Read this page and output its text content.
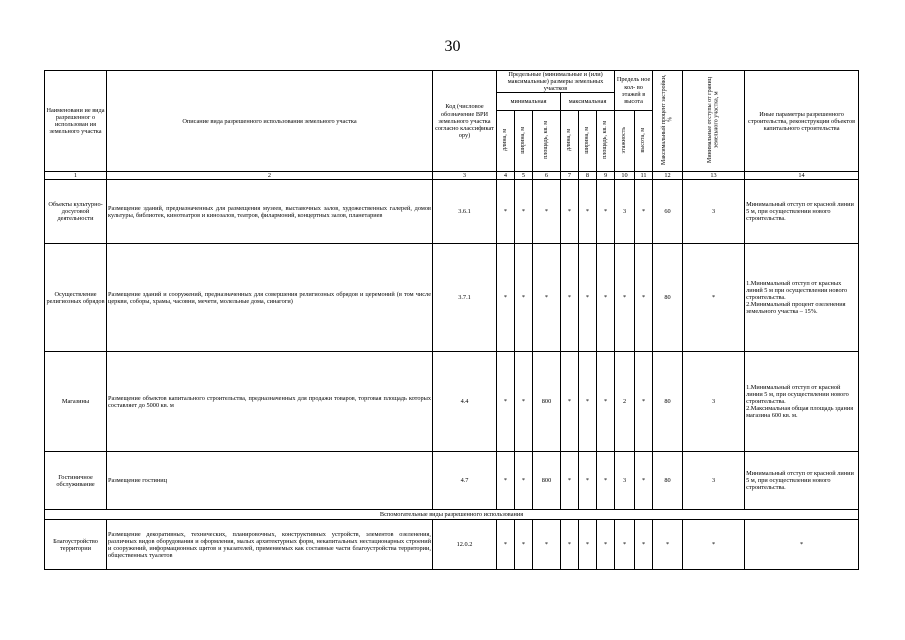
30
Наименовани ие вида разрешенног о использован ия земельного участка	Описание вида разрешенного использования земельного участка	Код (числовое обозначение ВРИ земельного участка согласно классификат ору)	Предельные (минимальные и (или) максимальные) размеры земельных участков						Предель ное кол- во этажей в высота		Максимальный процент застройки, %	Минимальные отступы от границ земельного участка, м	Иные параметры разрешенного строительства, реконструкции объектов капитального строительства
			минимальная			максимальная							
			длина, м	ширина, м	площадь, кв. м	длина, м	ширина, м	площадь, кв. м	этажность	высота, м			
1	2	3	4	5	6	7	8	9	10	11	12	13	14
Объекты культурно-досуговой деятельности	Размещение зданий, предназначенных для размещения музеев, выставочных залов, художественных галерей, домов культуры, библиотек, кинотеатров и кинозалов, театров, филармоний, концертных залов, планетариев	3.6.1	*	*	*	*	*	*	3	*	60	3	Минимальный отступ от красной линии 5 м, при осуществлении нового строительства.

Осуществление религиозных обрядов	Размещение зданий и сооружений, предназначенных для совершения религиозных обрядов и церемоний (в том числе церкви, соборы, храмы, часовни, мечети, молельные дома, синагоги)	3.7.1	*	*	*	*	*	*	*	*	80	*	1.Минимальный отступ от красных линий 5 м при осуществлении нового строительства.
2.Минимальный процент озеленения земельного участка – 15%.

Магазины	Размещение объектов капитального строительства, предназначенных для продажи товаров, торговая площадь которых составляет до 5000 кв. м	4.4	*	*	800	*	*	*	2	*	80	3	1.Минимальный отступ от красной линии 5 м, при осуществлении нового строительства.
2.Максимальная общая площадь здания магазина 600 кв. м.

Гостиничное обслуживание	Размещение гостиниц	4.7	*	*	800	*	*	*	3	*	80	3	Минимальный отступ от красной линии 5 м, при осуществлении нового строительства.

Вспомогательные виды разрешенного использования													
Благоустройство территории	Размещение декоративных, технических, планировочных, конструктивных устройств, элементов озеленения, различных видов оборудования и оформления, малых архитектурных форм, некапитальных нестационарных строений и сооружений, информационных щитов и указателей, применяемых как составные части благоустройства территории, общественных туалетов	12.0.2	*	*	*	*	*	*	*	*	*	*	*
